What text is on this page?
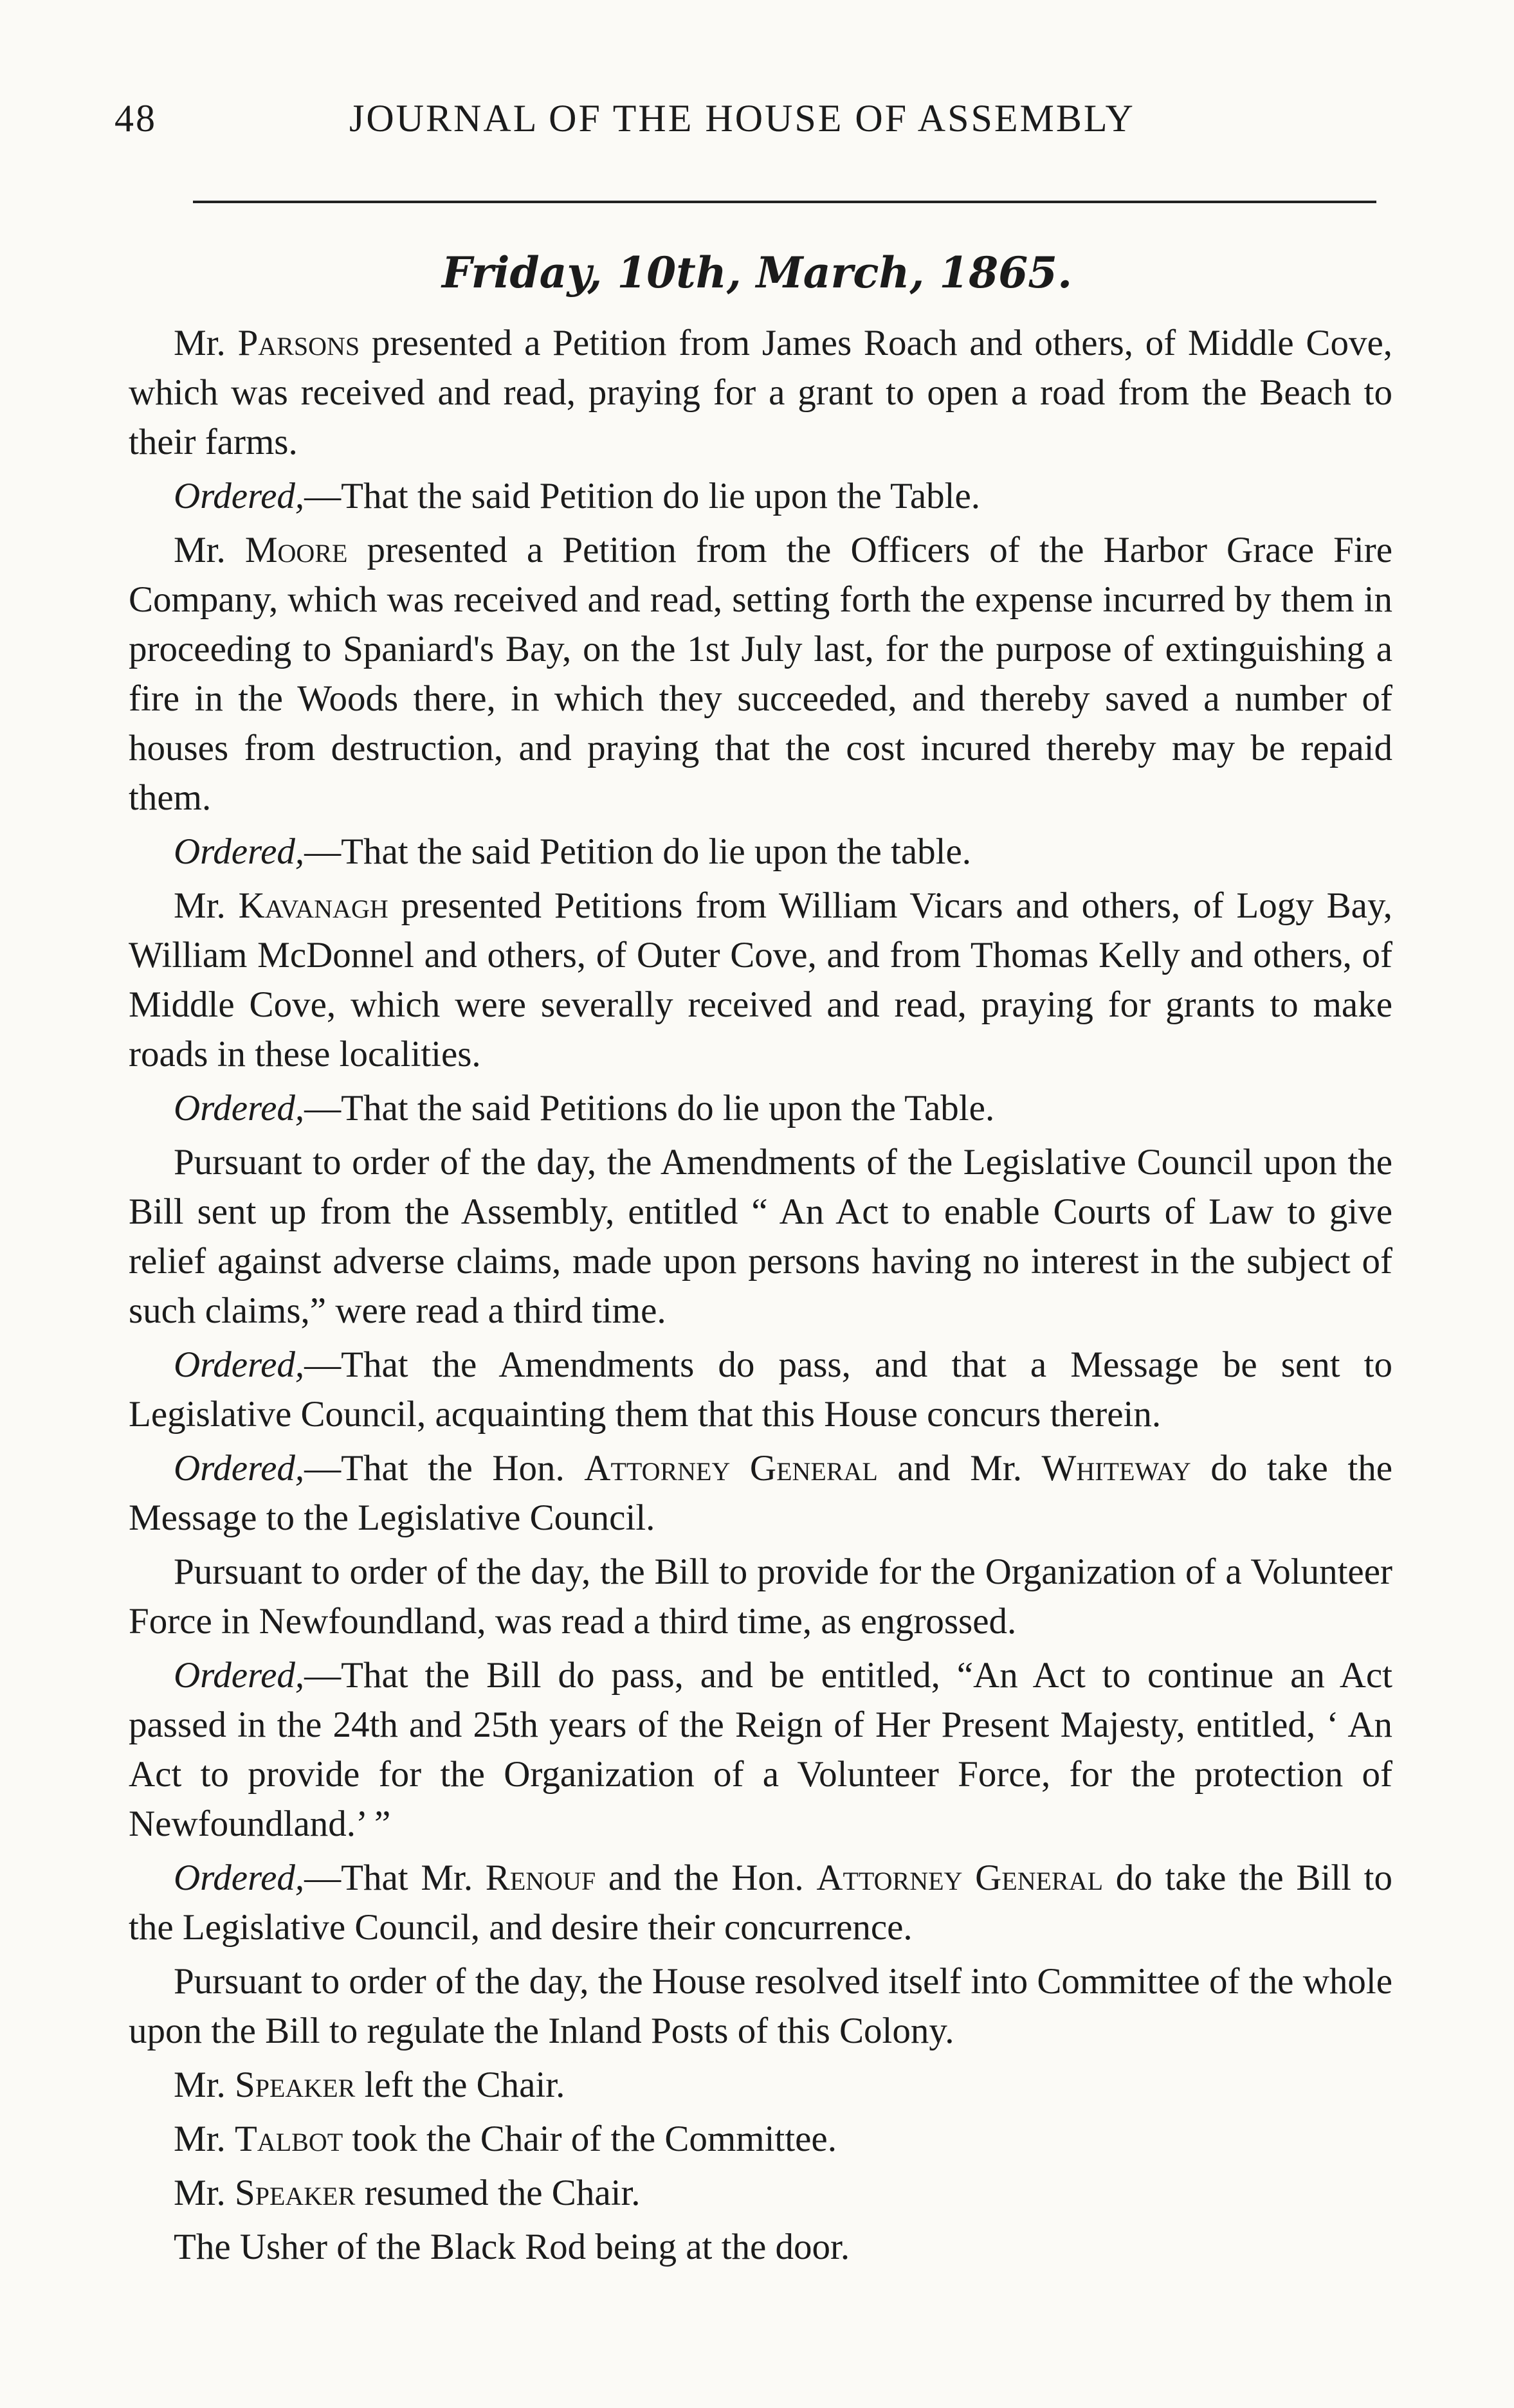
48	JOURNAL OF THE HOUSE OF ASSEMBLY
Friday, 10th, March, 1865.

Mr. Parsons presented a Petition from James Roach and others, of Middle Cove, which was received and read, praying for a grant to open a road from the Beach to their farms.

Ordered,—That the said Petition do lie upon the Table.

Mr. Moore presented a Petition from the Officers of the Harbor Grace Fire Company, which was received and read, setting forth the expense incurred by them in proceeding to Spaniard's Bay, on the 1st July last, for the purpose of extinguishing a fire in the Woods there, in which they succeeded, and thereby saved a number of houses from destruction, and praying that the cost incured thereby may be repaid them.

Ordered,—That the said Petition do lie upon the table.

Mr. Kavanagh presented Petitions from William Vicars and others, of Logy Bay, William McDonnel and others, of Outer Cove, and from Thomas Kelly and others, of Middle Cove, which were severally received and read, praying for grants to make roads in these localities.

Ordered,—That the said Petitions do lie upon the Table.

Pursuant to order of the day, the Amendments of the Legislative Council upon the Bill sent up from the Assembly, entitled “ An Act to enable Courts of Law to give relief against adverse claims, made upon persons having no interest in the subject of such claims,” were read a third time.

Ordered,—That the Amendments do pass, and that a Message be sent to Legislative Council, acquainting them that this House concurs therein.

Ordered,—That the Hon. Attorney General and Mr. Whiteway do take the Message to the Legislative Council.

Pursuant to order of the day, the Bill to provide for the Organization of a Volunteer Force in Newfoundland, was read a third time, as engrossed.

Ordered,—That the Bill do pass, and be entitled, “An Act to continue an Act passed in the 24th and 25th years of the Reign of Her Present Majesty, entitled, ‘ An Act to provide for the Organization of a Volunteer Force, for the protection of Newfoundland.’ ”

Ordered,—That Mr. Renouf and the Hon. Attorney General do take the Bill to the Legislative Council, and desire their concurrence.

Pursuant to order of the day, the House resolved itself into Committee of the whole upon the Bill to regulate the Inland Posts of this Colony.

Mr. Speaker left the Chair.

Mr. Talbot took the Chair of the Committee.

Mr. Speaker resumed the Chair.

The Usher of the Black Rod being at the door.
